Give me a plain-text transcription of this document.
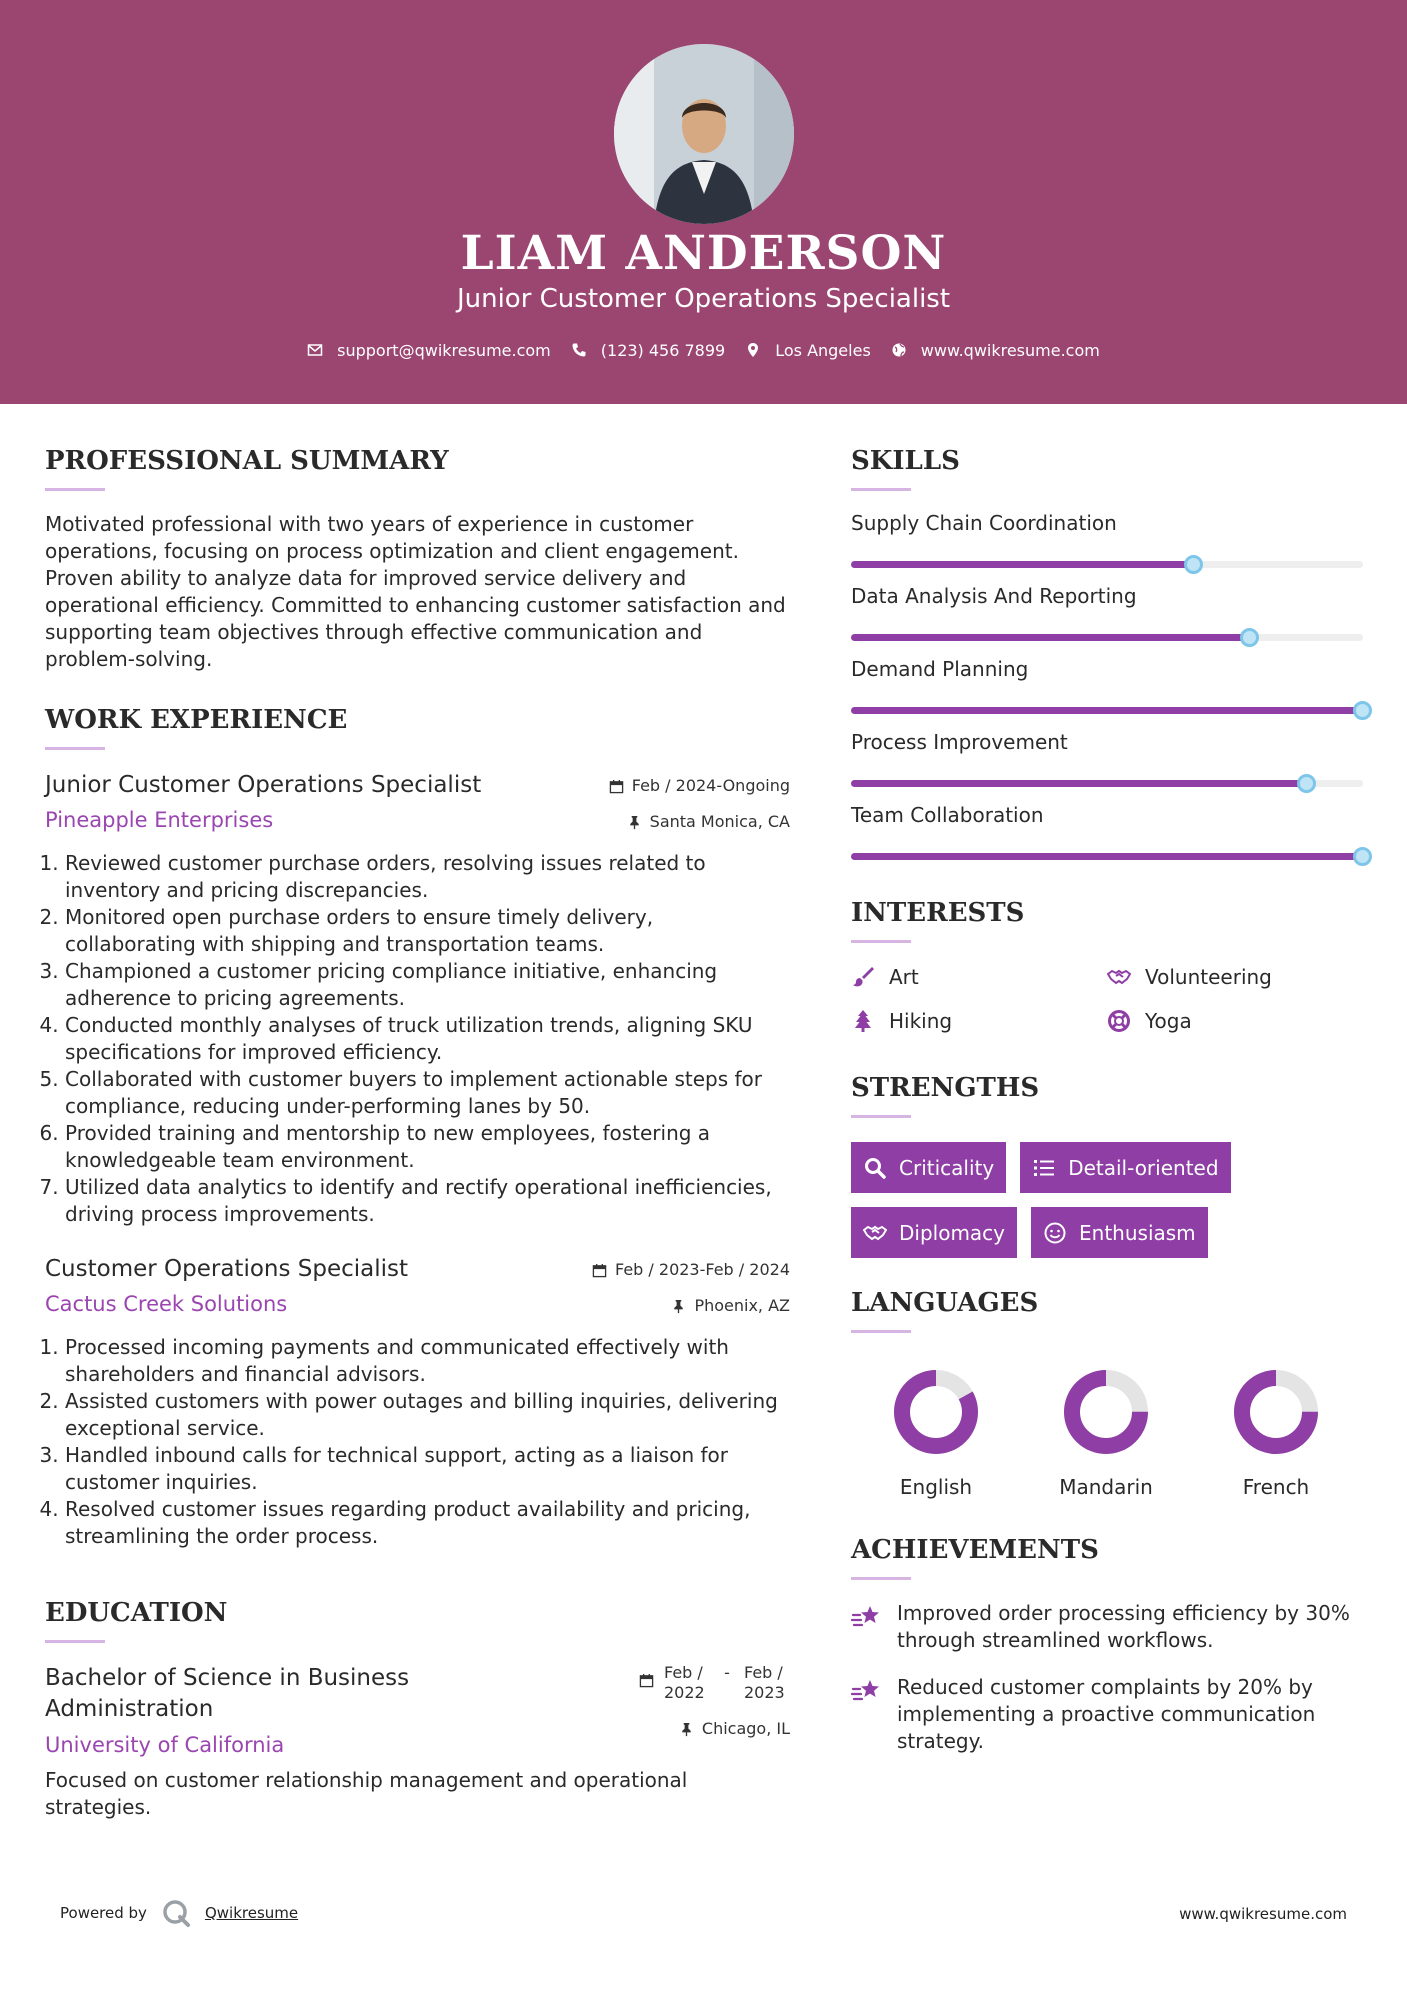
LIAM ANDERSON
Junior Customer Operations Specialist
support@qwikresume.com	(123) 456 7899	Los Angeles	www.qwikresume.com
PROFESSIONAL SUMMARY

Motivated professional with two years of experience in customer operations, focusing on process optimization and client engagement. Proven ability to analyze data for improved service delivery and operational efficiency. Committed to enhancing customer satisfaction and supporting team objectives through effective communication and problem-solving.

WORK EXPERIENCE
Junior Customer Operations Specialist
Pineapple Enterprises
Feb / 2024-Ongoing
Santa Monica, CA
1. Reviewed customer purchase orders, resolving issues related to inventory and pricing discrepancies.
2. Monitored open purchase orders to ensure timely delivery, collaborating with shipping and transportation teams.
3. Championed a customer pricing compliance initiative, enhancing adherence to pricing agreements.
4. Conducted monthly analyses of truck utilization trends, aligning SKU specifications for improved efficiency.
5. Collaborated with customer buyers to implement actionable steps for compliance, reducing under-performing lanes by 50.
6. Provided training and mentorship to new employees, fostering a knowledgeable team environment.
7. Utilized data analytics to identify and rectify operational inefficiencies, driving process improvements.
Customer Operations Specialist
Cactus Creek Solutions
Feb / 2023-Feb / 2024
Phoenix, AZ
1. Processed incoming payments and communicated effectively with shareholders and financial advisors.
2. Assisted customers with power outages and billing inquiries, delivering exceptional service.
3. Handled inbound calls for technical support, acting as a liaison for customer inquiries.
4. Resolved customer issues regarding product availability and pricing, streamlining the order process.
EDUCATION
Bachelor of Science in Business Administration
University of California
Feb / 2022
- Feb / 2023
Chicago, IL

Focused on customer relationship management and operational strategies.

SKILLS
Supply Chain Coordination
Data Analysis And Reporting
Demand Planning
Process Improvement
Team Collaboration
INTERESTS
Art	Volunteering
Hiking	Yoga
STRENGTHS
Criticality	Detail-oriented
Diplomacy	Enthusiasm
LANGUAGES
English	Mandarin	French
ACHIEVEMENTS
Improved order processing efficiency by 30% through streamlined workflows.
Reduced customer complaints by 20% by implementing a proactive communication strategy.
Powered by	Qwikresume	www.qwikresume.com
